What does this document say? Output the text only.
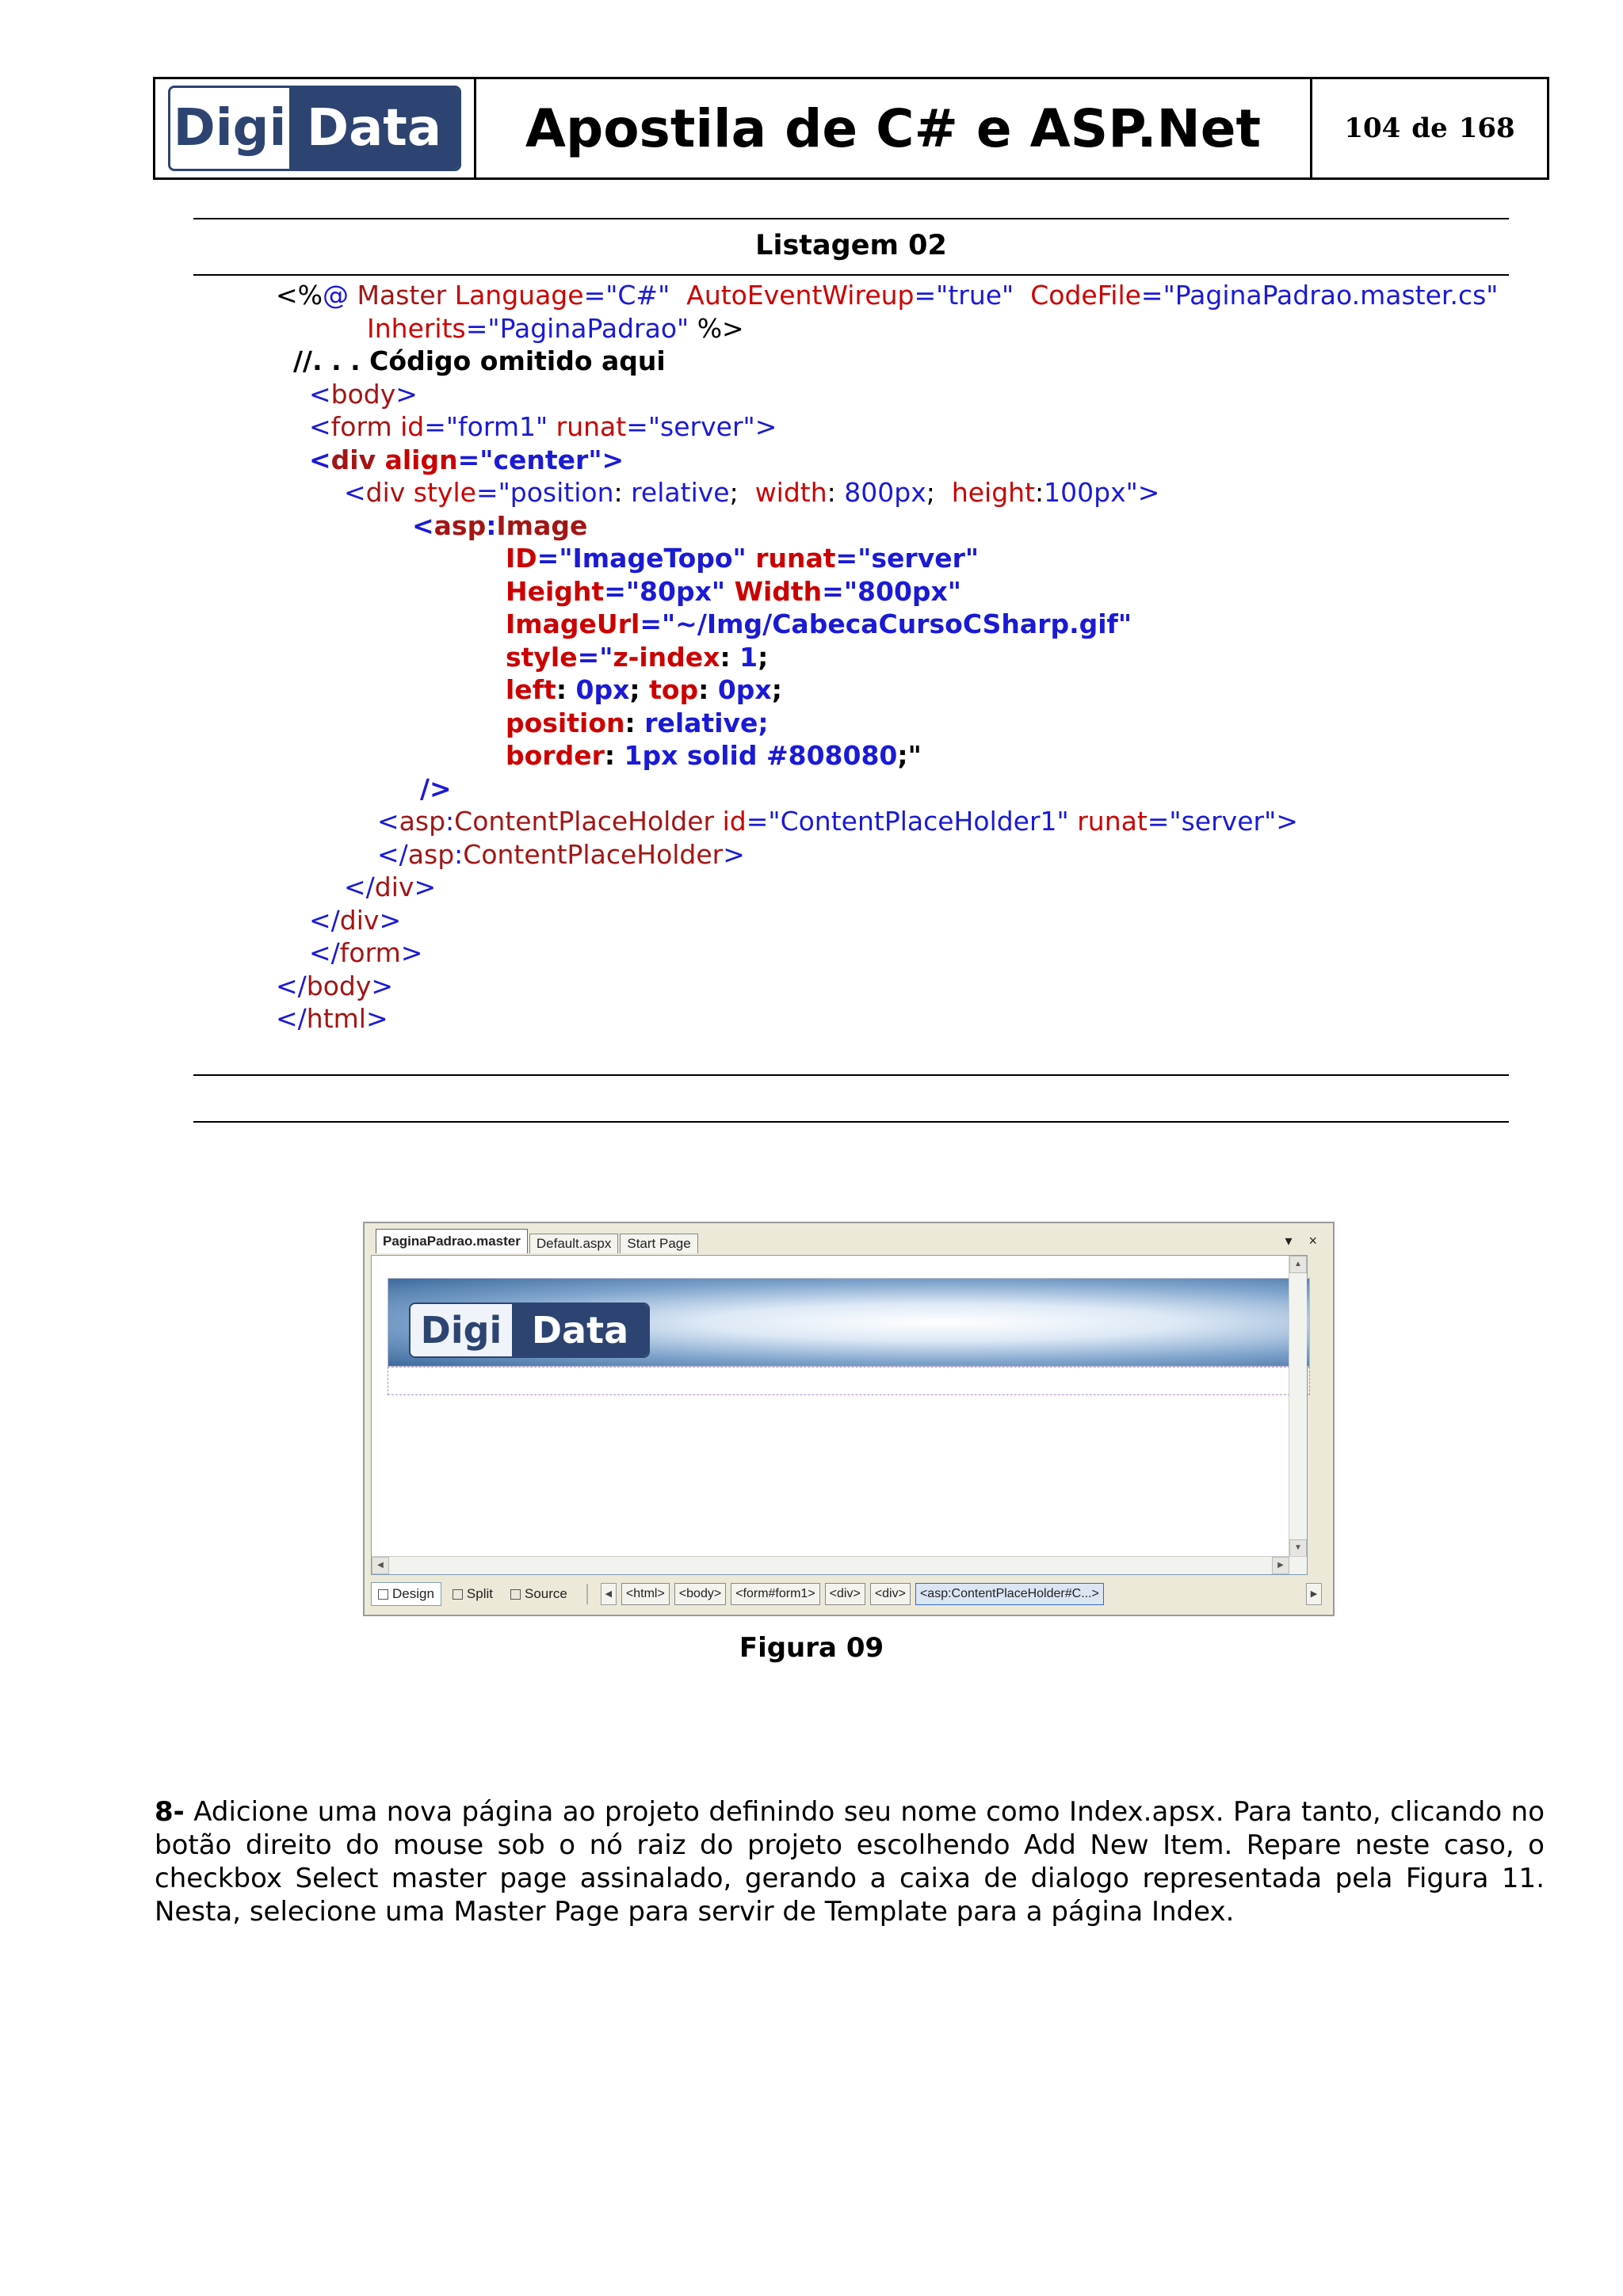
Digi Data	Apostila de C# e ASP.Net	104 de 168
Listagem 02
<%@ Master Language="C#"  AutoEventWireup="true"  CodeFile="PaginaPadrao.master.cs"
Inherits="PaginaPadrao" %>
//. . . Código omitido aqui
<body>
<form id="form1" runat="server">
<div align="center">
<div style="position: relative;  width: 800px;  height:100px">
<asp:Image
ID="ImageTopo" runat="server"
Height="80px" Width="800px"
ImageUrl="~/Img/CabecaCursoCSharp.gif"
style="z-index: 1;
left: 0px; top: 0px;
position: relative;
border: 1px solid #808080;"
/>
<asp:ContentPlaceHolder id="ContentPlaceHolder1" runat="server">
</asp:ContentPlaceHolder>
</div>
</div>
</form>
</body>
</html>
PaginaPadrao.master	Default.aspx	Start Page	▾ ×
Digi Data
▲
▼
◀	▶
Design Split Source	◀	<html>	<body>	<form#form1>	<div>	<div>	<asp:ContentPlaceHolder#C...>	▶
Figura 09
8- Adicione uma nova página ao projeto definindo seu nome como Index.apsx. Para tanto, clicando no botão direito do mouse sob o nó raiz do projeto escolhendo Add New Item. Repare neste caso, o checkbox Select master page assinalado, gerando a caixa de dialogo representada pela Figura 11. Nesta, selecione uma Master Page para servir de Template para a página Index.
